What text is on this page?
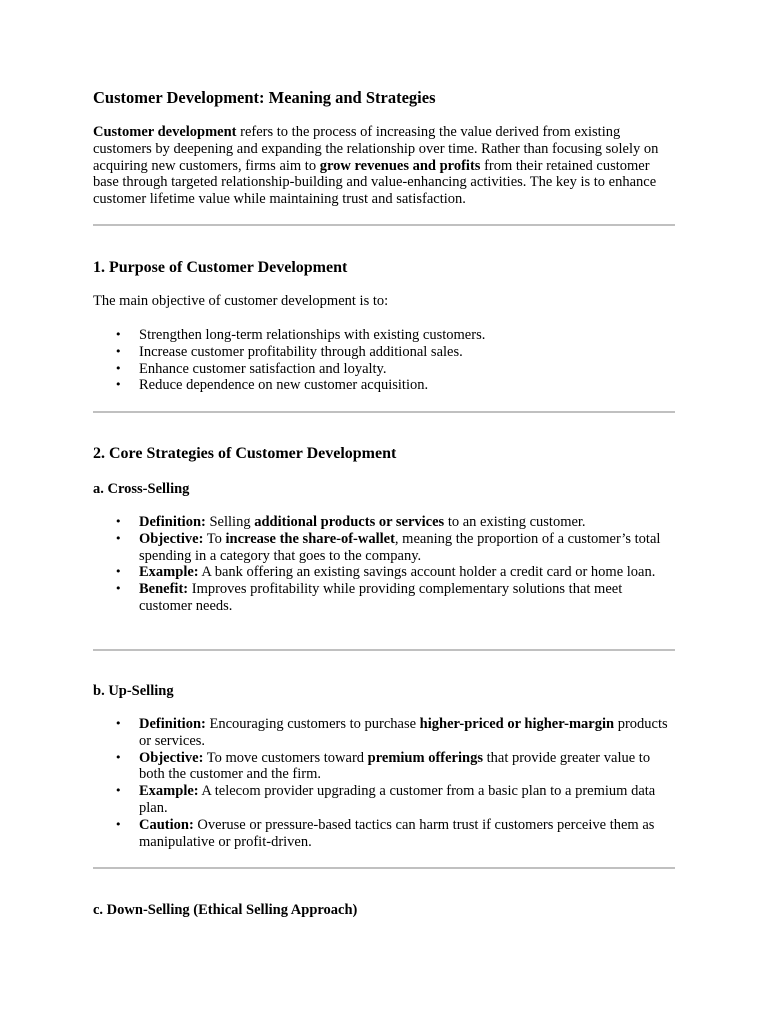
Customer Development: Meaning and Strategies

Customer development refers to the process of increasing the value derived from existing customers by deepening and expanding the relationship over time. Rather than focusing solely on acquiring new customers, firms aim to grow revenues and profits from their retained customer base through targeted relationship-building and value-enhancing activities. The key is to enhance customer lifetime value while maintaining trust and satisfaction.

1. Purpose of Customer Development

The main objective of customer development is to:

• Strengthen long-term relationships with existing customers.
• Increase customer profitability through additional sales.
• Enhance customer satisfaction and loyalty.
• Reduce dependence on new customer acquisition.
2. Core Strategies of Customer Development
a. Cross-Selling
• Definition: Selling additional products or services to an existing customer.
• Objective: To increase the share-of-wallet, meaning the proportion of a customer’s total spending in a category that goes to the company.
• Example: A bank offering an existing savings account holder a credit card or home loan.
• Benefit: Improves profitability while providing complementary solutions that meet customer needs.
b. Up-Selling
• Definition: Encouraging customers to purchase higher-priced or higher-margin products or services.
• Objective: To move customers toward premium offerings that provide greater value to both the customer and the firm.
• Example: A telecom provider upgrading a customer from a basic plan to a premium data plan.
• Caution: Overuse or pressure-based tactics can harm trust if customers perceive them as manipulative or profit-driven.
c. Down-Selling (Ethical Selling Approach)
